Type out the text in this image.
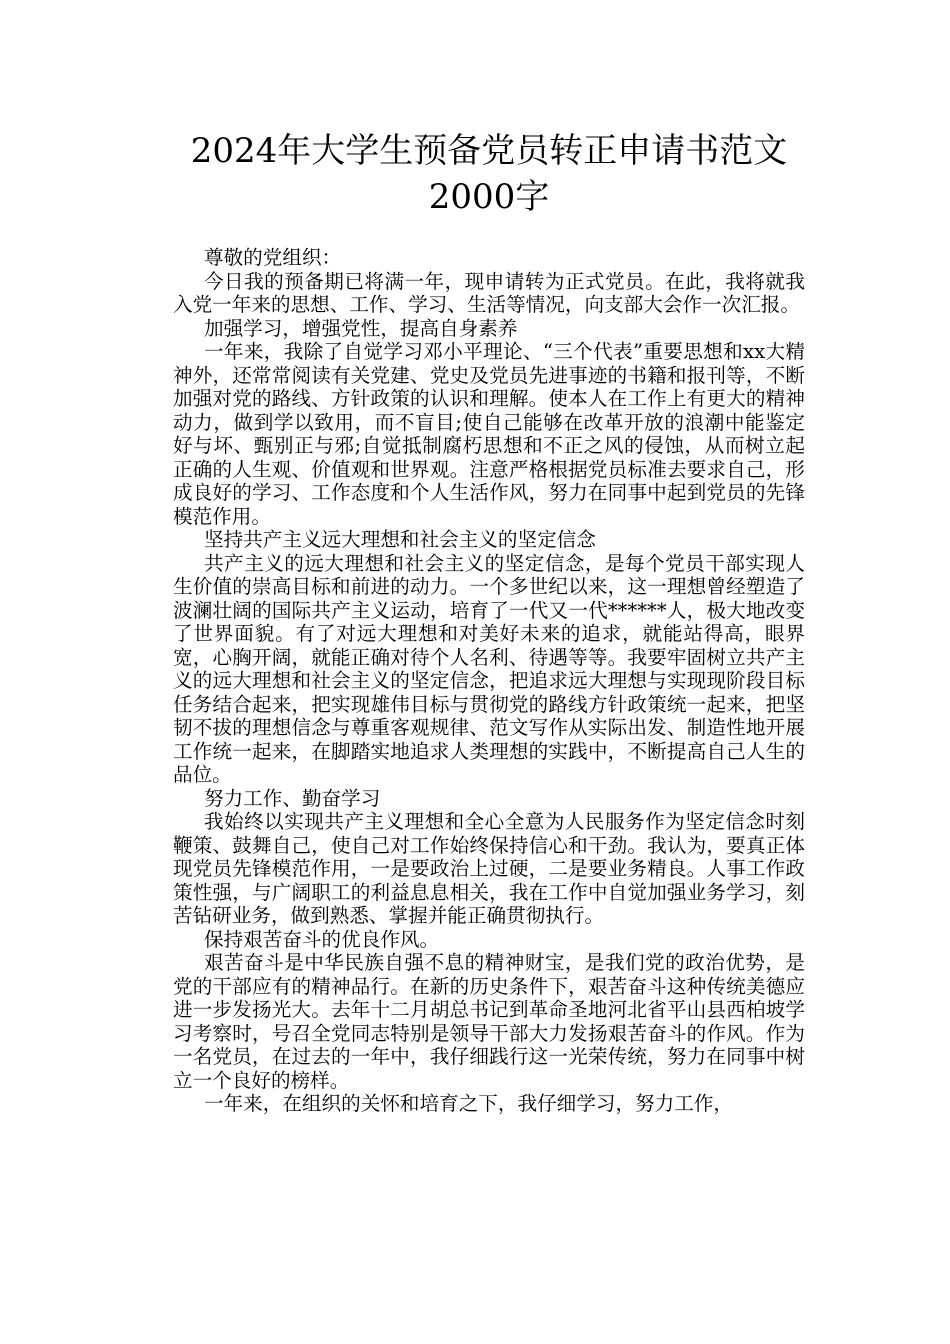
2024年大学生预备党员转正申请书范文
2000字

尊敬的党组织：

今日我的预备期已将满一年，现申请转为正式党员。在此，我将就我入党一年来的思想、工作、学习、生活等情况，向支部大会作一次汇报。

加强学习，增强党性，提高自身素养

一年来，我除了自觉学习邓小平理论、“三个代表”重要思想和xx大精神外，还常常阅读有关党建、党史及党员先进事迹的书籍和报刊等，不断加强对党的路线、方针政策的认识和理解。使本人在工作上有更大的精神动力，做到学以致用，而不盲目;使自己能够在改革开放的浪潮中能鉴定好与坏、甄别正与邪;自觉抵制腐朽思想和不正之风的侵蚀，从而树立起正确的人生观、价值观和世界观。注意严格根据党员标准去要求自己，形成良好的学习、工作态度和个人生活作风，努力在同事中起到党员的先锋模范作用。

坚持共产主义远大理想和社会主义的坚定信念

共产主义的远大理想和社会主义的坚定信念，是每个党员干部实现人生价值的崇高目标和前进的动力。一个多世纪以来，这一理想曾经塑造了波澜壮阔的国际共产主义运动，培育了一代又一代******人，极大地改变了世界面貌。有了对远大理想和对美好未来的追求，就能站得高，眼界宽，心胸开阔，就能正确对待个人名利、待遇等等。我要牢固树立共产主义的远大理想和社会主义的坚定信念，把追求远大理想与实现现阶段目标任务结合起来，把实现雄伟目标与贯彻党的路线方针政策统一起来，把坚韧不拔的理想信念与尊重客观规律、范文写作从实际出发、制造性地开展工作统一起来，在脚踏实地追求人类理想的实践中，不断提高自己人生的品位。

努力工作、勤奋学习

我始终以实现共产主义理想和全心全意为人民服务作为坚定信念时刻鞭策、鼓舞自己，使自己对工作始终保持信心和干劲。我认为，要真正体现党员先锋模范作用，一是要政治上过硬，二是要业务精良。人事工作政策性强，与广阔职工的利益息息相关，我在工作中自觉加强业务学习，刻苦钻研业务，做到熟悉、掌握并能正确贯彻执行。

保持艰苦奋斗的优良作风。

艰苦奋斗是中华民族自强不息的精神财宝，是我们党的政治优势，是党的干部应有的精神品行。在新的历史条件下，艰苦奋斗这种传统美德应进一步发扬光大。去年十二月胡总书记到革命圣地河北省平山县西柏坡学习考察时，号召全党同志特别是领导干部大力发扬艰苦奋斗的作风。作为一名党员，在过去的一年中，我仔细践行这一光荣传统，努力在同事中树立一个良好的榜样。

一年来，在组织的关怀和培育之下，我仔细学习，努力工作，
